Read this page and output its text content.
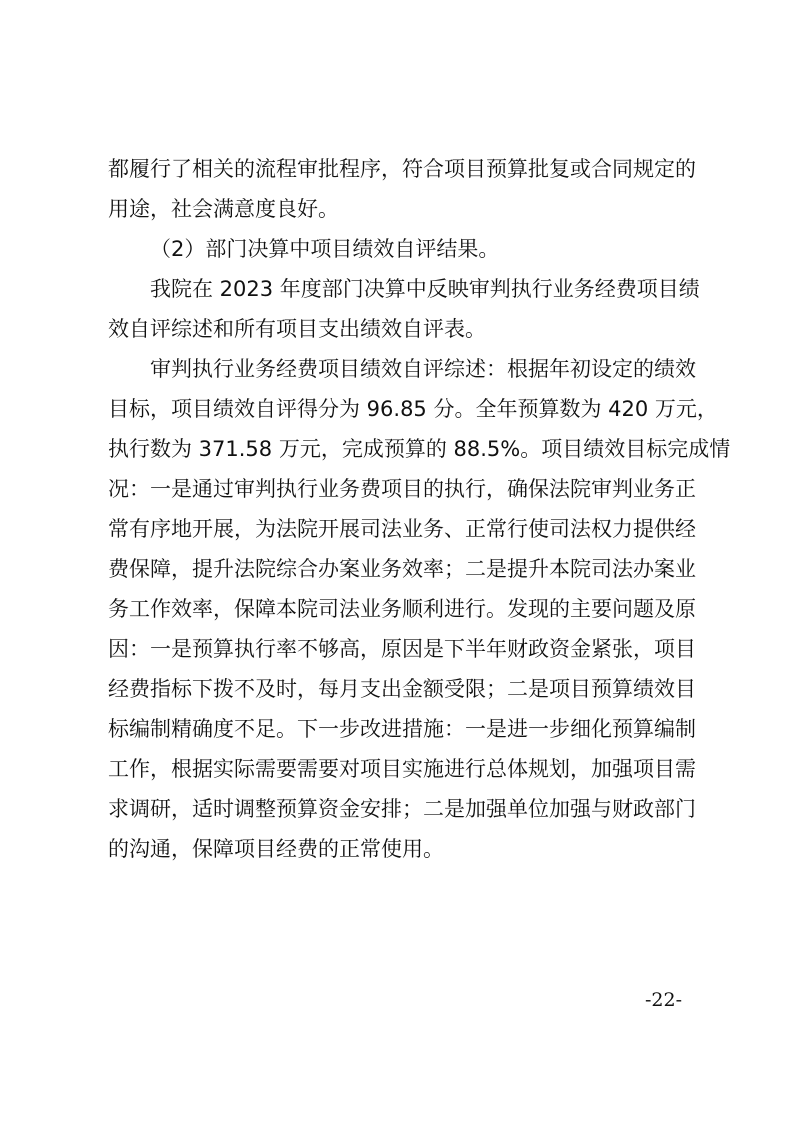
都履行了相关的流程审批程序，符合项目预算批复或合同规定的
用途，社会满意度良好。
（2）部门决算中项目绩效自评结果。
我院在 2023 年度部门决算中反映审判执行业务经费项目绩
效自评综述和所有项目支出绩效自评表。
审判执行业务经费项目绩效自评综述：根据年初设定的绩效
目标，项目绩效自评得分为 96.85 分。全年预算数为 420 万元，
执行数为 371.58 万元，完成预算的 88.5%。项目绩效目标完成情
况：一是通过审判执行业务费项目的执行，确保法院审判业务正
常有序地开展，为法院开展司法业务、正常行使司法权力提供经
费保障，提升法院综合办案业务效率；二是提升本院司法办案业
务工作效率，保障本院司法业务顺利进行。发现的主要问题及原
因：一是预算执行率不够高，原因是下半年财政资金紧张，项目
经费指标下拨不及时，每月支出金额受限；二是项目预算绩效目
标编制精确度不足。下一步改进措施：一是进一步细化预算编制
工作，根据实际需要需要对项目实施进行总体规划，加强项目需
求调研，适时调整预算资金安排；二是加强单位加强与财政部门
的沟通，保障项目经费的正常使用。
-22-
